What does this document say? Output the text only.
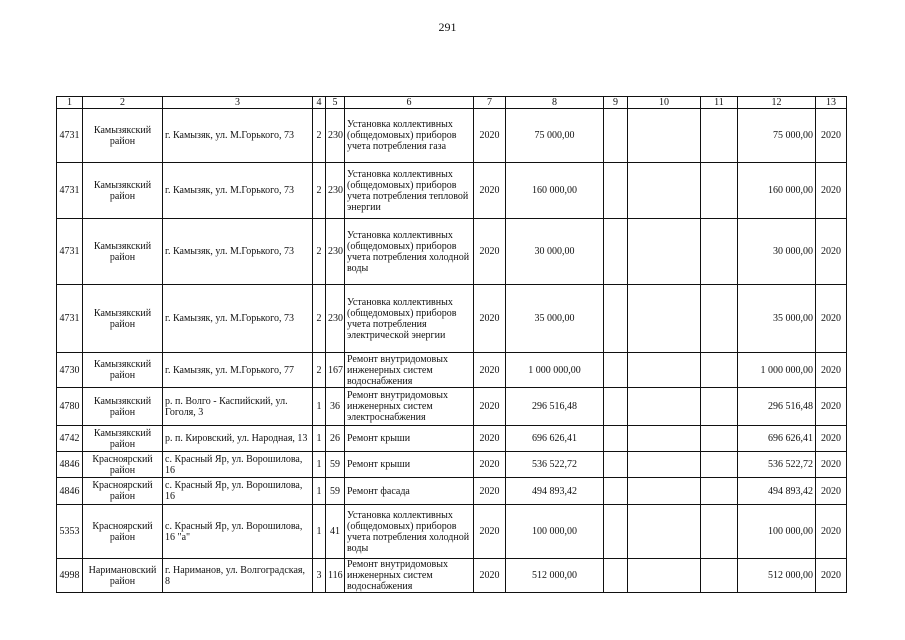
291
1	2	3	4	5	6	7	8	9	10	11	12	13
4731	Камызякский район	г. Камызяк, ул. М.Горького, 73	2	230	Установка коллективных (общедомовых) приборов учета потребления газа	2020	75 000,00				75 000,00	2020
4731	Камызякский район	г. Камызяк, ул. М.Горького, 73	2	230	Установка коллективных (общедомовых) приборов учета потребления тепловой энергии	2020	160 000,00				160 000,00	2020
4731	Камызякский район	г. Камызяк, ул. М.Горького, 73	2	230	Установка коллективных (общедомовых) приборов учета потребления холодной воды	2020	30 000,00				30 000,00	2020
4731	Камызякский район	г. Камызяк, ул. М.Горького, 73	2	230	Установка коллективных (общедомовых) приборов учета потребления электрической энергии	2020	35 000,00				35 000,00	2020
4730	Камызякский район	г. Камызяк, ул. М.Горького, 77	2	167	Ремонт внутридомовых инженерных систем водоснабжения	2020	1 000 000,00				1 000 000,00	2020
4780	Камызякский район	р. п. Волго - Каспийский, ул. Гоголя, 3	1	36	Ремонт внутридомовых инженерных систем электроснабжения	2020	296 516,48				296 516,48	2020
4742	Камызякский район	р. п. Кировский, ул. Народная, 13	1	26	Ремонт крыши	2020	696 626,41				696 626,41	2020
4846	Красноярский район	с. Красный Яр, ул. Ворошилова, 16	1	59	Ремонт крыши	2020	536 522,72				536 522,72	2020
4846	Красноярский район	с. Красный Яр, ул. Ворошилова, 16	1	59	Ремонт фасада	2020	494 893,42				494 893,42	2020
5353	Красноярский район	с. Красный Яр, ул. Ворошилова, 16 "а"	1	41	Установка коллективных (общедомовых) приборов учета потребления холодной воды	2020	100 000,00				100 000,00	2020
4998	Наримановский район	г. Нариманов, ул. Волгоградская, 8	3	116	Ремонт внутридомовых инженерных систем водоснабжения	2020	512 000,00				512 000,00	2020
